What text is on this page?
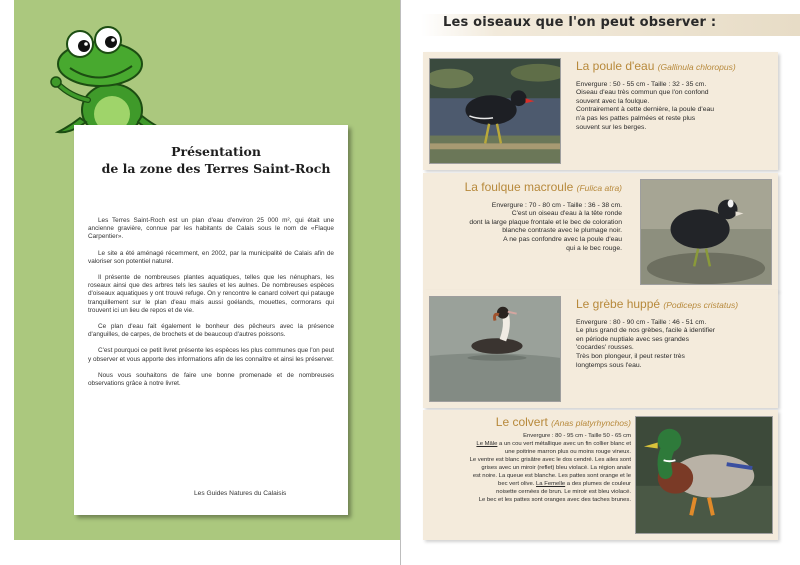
Présentation
de la zone des Terres Saint-Roch

Les Terres Saint-Roch est un plan d'eau d'environ 25 000 m², qui était une ancienne gravière, connue par les habitants de Calais sous le nom de «Flaque Carpentier».

Le site a été aménagé récemment, en 2002, par la municipalité de Calais afin de valoriser son potentiel naturel.

Il présente de nombreuses plantes aquatiques, telles que les nénuphars, les roseaux ainsi que des arbres tels les saules et les aulnes. De nombreuses espèces d'oiseaux aquatiques y ont trouvé refuge. On y rencontre le canard colvert qui patauge tranquillement sur le plan d'eau mais aussi goélands, mouettes, cormorans qui trouvent ici un lieu de repos et de vie.

Ce plan d'eau fait également le bonheur des pêcheurs avec la présence d'anguilles, de carpes, de brochets et de beaucoup d'autres poissons.

C'est pourquoi ce petit livret présente les espèces les plus communes que l'on peut y observer et vous apporte des informations afin de les connaître et ainsi les préserver.

Nous vous souhaitons de faire une bonne promenade et de nombreuses observations grâce à notre livret.

Les Guides Natures du Calaisis
Les oiseaux que l'on peut observer :
La poule d'eau (Gallinula chloropus)
Envergure : 50 - 55 cm - Taille : 32 - 35 cm.
Oiseau d'eau très commun que l'on confond
souvent avec la foulque.
Contrairement à cette dernière, la poule d'eau
n'a pas les pattes palmées et reste plus
souvent sur les berges.
La foulque macroule (Fulica atra)
Envergure : 70 - 80 cm - Taille : 36 - 38 cm.
C'est un oiseau d'eau à la tête ronde
dont la large plaque frontale et le bec de coloration
blanche contraste avec le plumage noir.
A ne pas confondre avec la poule d'eau
qui a le bec rouge.
Le grèbe huppé (Podiceps cristatus)
Envergure : 80 - 90 cm - Taille : 46 - 51 cm.
Le plus grand de nos grèbes, facile à identifier
en période nuptiale avec ses grandes
'cocardes' rousses.
Très bon plongeur, il peut rester très
longtemps sous l'eau.
Le colvert (Anas platyrhynchos)
Envergure : 80 - 95 cm - Taille 50 - 65 cm
Le Mâle a un cou vert métallique avec un fin collier blanc et
une poitrine marron plus ou moins rouge vineux.
Le ventre est blanc grisâtre avec le dos cendré. Les ailes sont
grises avec un miroir (reflet) bleu violacé. La région anale
est noire. La queue est blanche. Les pattes sont orange et le
bec vert olive. La Femelle a des plumes de couleur
noisette cernées de brun. Le miroir est bleu violacé.
Le bec et les pattes sont oranges avec des taches brunes.
